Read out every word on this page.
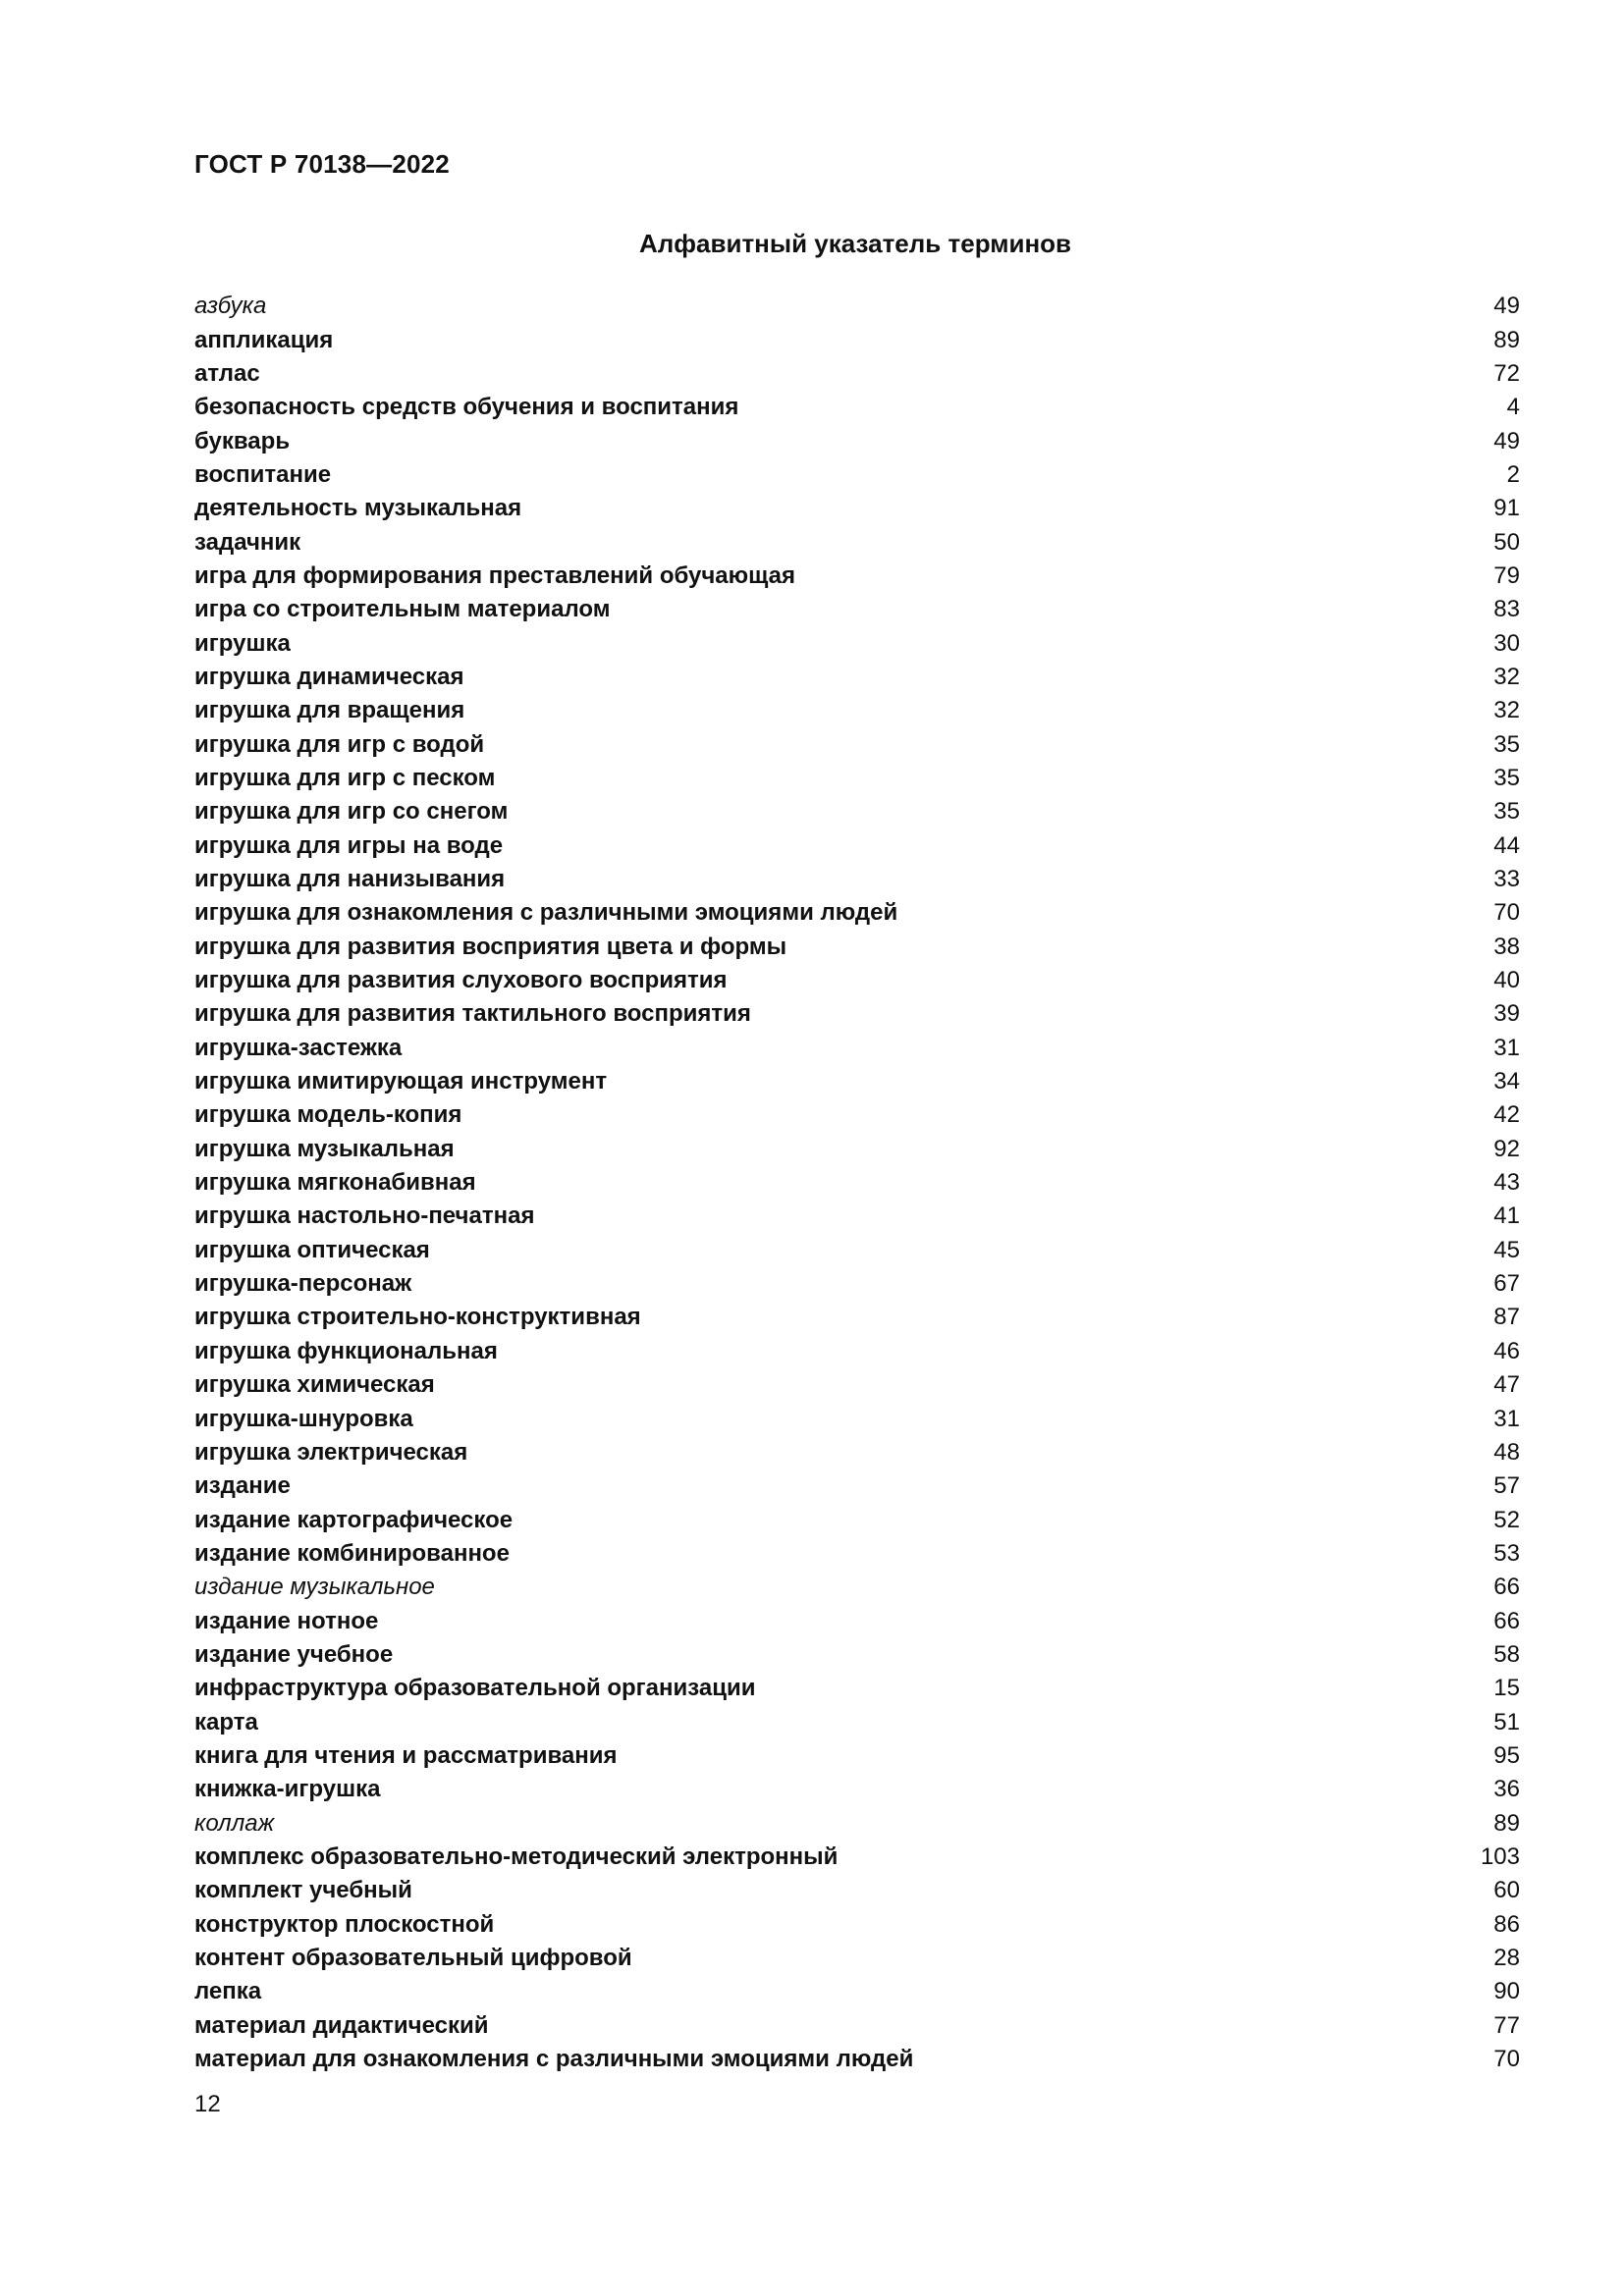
ГОСТ Р 70138—2022
Алфавитный указатель терминов
азбука	49
аппликация	89
атлас	72
безопасность средств обучения и воспитания	4
букварь	49
воспитание	2
деятельность музыкальная	91
задачник	50
игра для формирования преставлений обучающая	79
игра со строительным материалом	83
игрушка	30
игрушка динамическая	32
игрушка для вращения	32
игрушка для игр с водой	35
игрушка для игр с песком	35
игрушка для игр со снегом	35
игрушка для игры на воде	44
игрушка для нанизывания	33
игрушка для ознакомления с различными эмоциями людей	70
игрушка для развития восприятия цвета и формы	38
игрушка для развития слухового восприятия	40
игрушка для развития тактильного восприятия	39
игрушка-застежка	31
игрушка имитирующая инструмент	34
игрушка модель-копия	42
игрушка музыкальная	92
игрушка мягконабивная	43
игрушка настольно-печатная	41
игрушка оптическая	45
игрушка-персонаж	67
игрушка строительно-конструктивная	87
игрушка функциональная	46
игрушка химическая	47
игрушка-шнуровка	31
игрушка электрическая	48
издание	57
издание картографическое	52
издание комбинированное	53
издание музыкальное	66
издание нотное	66
издание учебное	58
инфраструктура образовательной организации	15
карта	51
книга для чтения и рассматривания	95
книжка-игрушка	36
коллаж	89
комплекс образовательно-методический электронный	103
комплект учебный	60
конструктор плоскостной	86
контент образовательный цифровой	28
лепка	90
материал дидактический	77
материал для ознакомления с различными эмоциями людей	70
12
